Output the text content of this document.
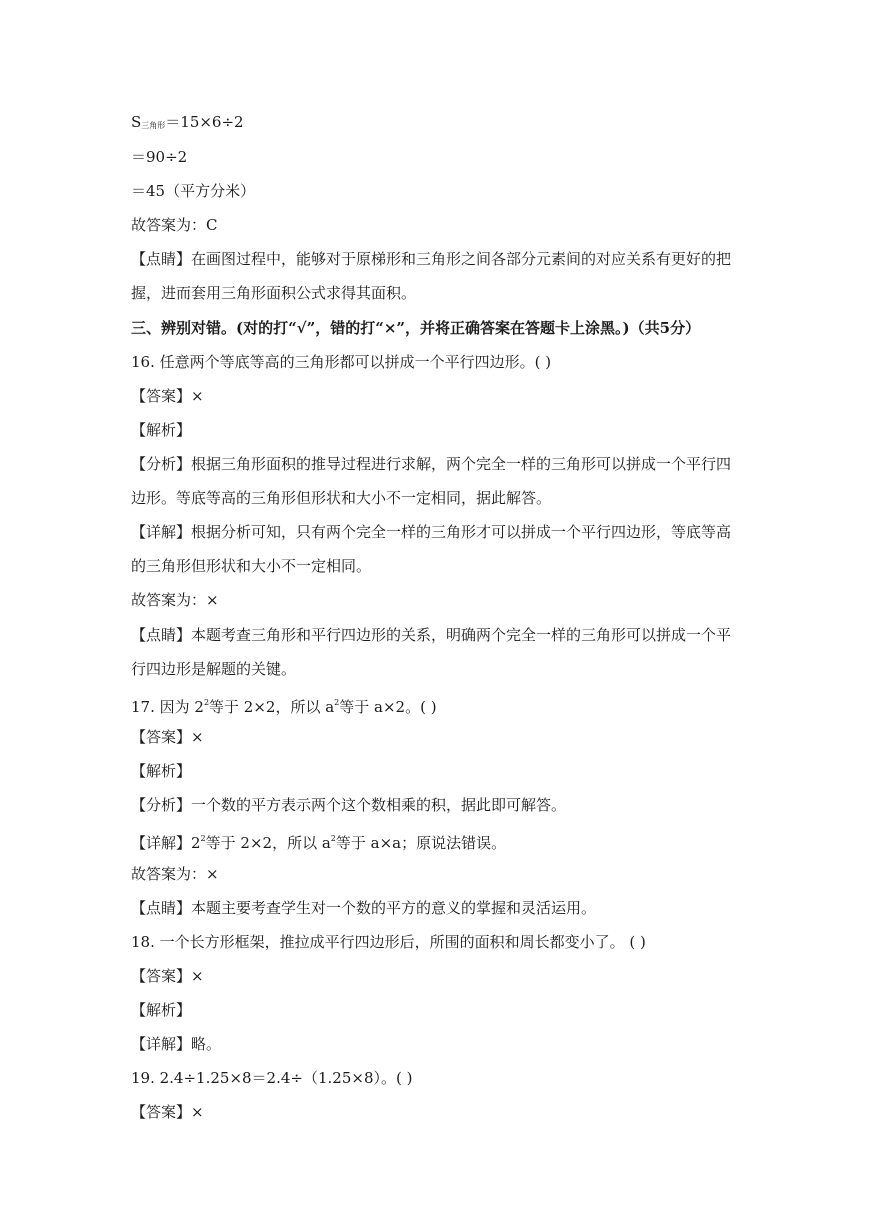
S三角形＝15×6÷2
＝90÷2
＝45（平方分米）
故答案为：C
【点睛】在画图过程中，能够对于原梯形和三角形之间各部分元素间的对应关系有更好的把
握，进而套用三角形面积公式求得其面积。
三、辨别对错。(对的打“√”，错的打“×”，并将正确答案在答题卡上涂黑。)（共5分）
16. 任意两个等底等高的三角形都可以拼成一个平行四边形。( )
【答案】×
【解析】
【分析】根据三角形面积的推导过程进行求解，两个完全一样的三角形可以拼成一个平行四
边形。等底等高的三角形但形状和大小不一定相同，据此解答。
【详解】根据分析可知，只有两个完全一样的三角形才可以拼成一个平行四边形，等底等高
的三角形但形状和大小不一定相同。
故答案为：×
【点睛】本题考查三角形和平行四边形的关系，明确两个完全一样的三角形可以拼成一个平
行四边形是解题的关键。
17. 因为 $2^2$等于 2×2，所以 $a^2$等于 a×2。( )
【答案】×
【解析】
【分析】一个数的平方表示两个这个数相乘的积，据此即可解答。
【详解】$2^2$等于 2×2，所以 $a^2$等于 a×a；原说法错误。
故答案为：×
【点睛】本题主要考查学生对一个数的平方的意义的掌握和灵活运用。
18. 一个长方形框架，推拉成平行四边形后，所围的面积和周长都变小了。 ( )
【答案】×
【解析】
【详解】略。
19. 2.4÷1.25×8＝2.4÷（1.25×8）。( )
【答案】×
